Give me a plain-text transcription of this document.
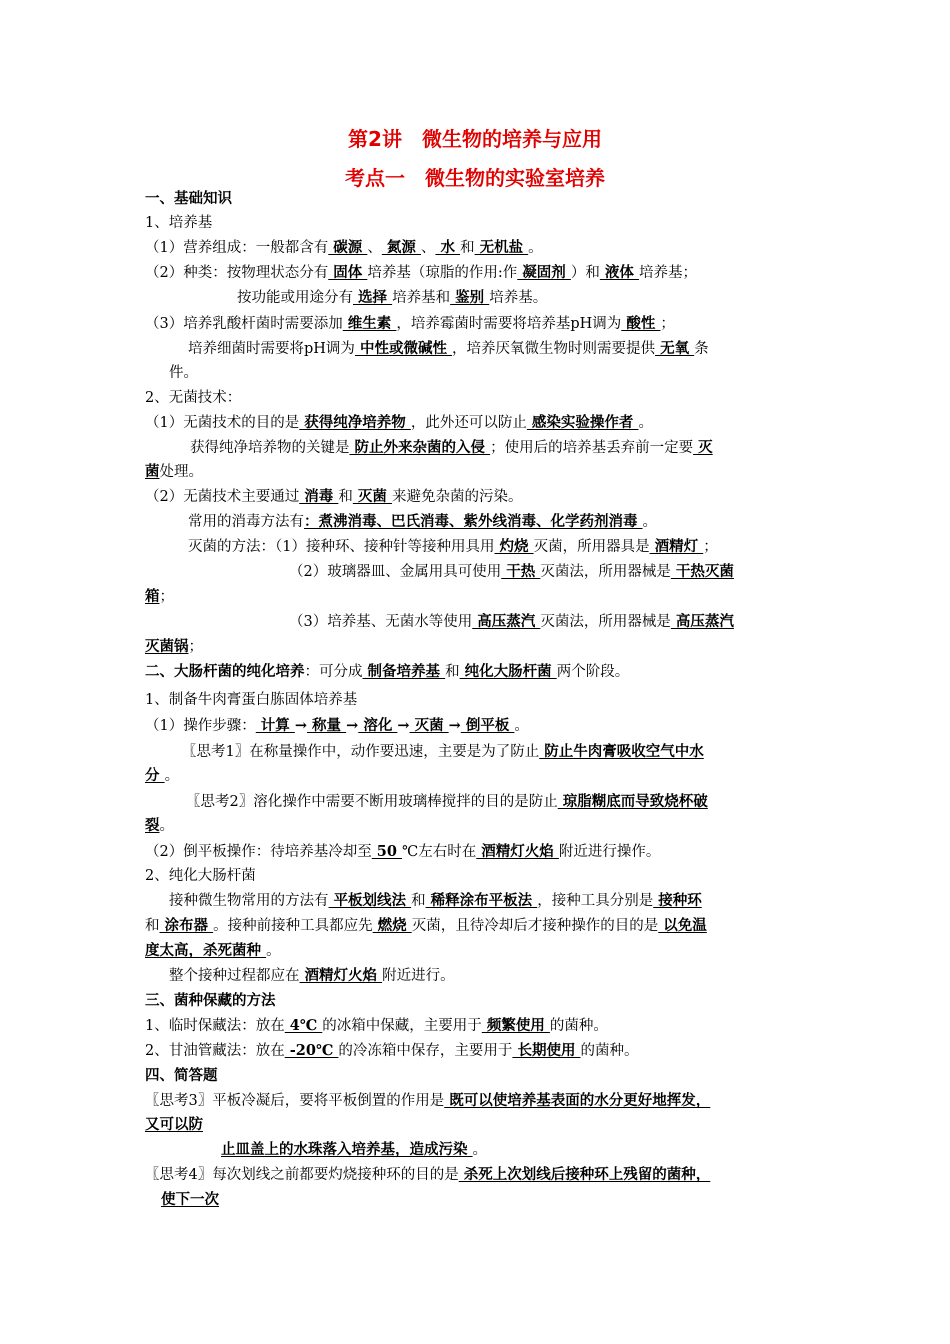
第2讲　微生物的培养与应用
考点一　微生物的实验室培养
一、基础知识
1、培养基
（1）营养组成：一般都含有 碳源 、 氮源 、 水 和 无机盐 。
（2）种类：按物理状态分有 固体 培养基（琼脂的作用:作 凝固剂 ）和 液体 培养基；
按功能或用途分有 选择 培养基和 鉴别 培养基。
（3）培养乳酸杆菌时需要添加 维生素 ，培养霉菌时需要将培养基pH调为 酸性 ；
培养细菌时需要将pH调为 中性或微碱性 ，培养厌氧微生物时则需要提供 无氧 条
件。
2、无菌技术：
（1）无菌技术的目的是 获得纯净培养物 ，此外还可以防止 感染实验操作者 。
获得纯净培养物的关键是 防止外来杂菌的入侵 ；使用后的培养基丢弃前一定要 灭
菌处理。
（2）无菌技术主要通过 消毒 和 灭菌 来避免杂菌的污染。
常用的消毒方法有：煮沸消毒、巴氏消毒、紫外线消毒、化学药剂消毒 。
灭菌的方法：（1）接种环、接种针等接种用具用 灼烧 灭菌，所用器具是 酒精灯 ；
（2）玻璃器皿、金属用具可使用 干热 灭菌法，所用器械是 干热灭菌
箱；
（3）培养基、无菌水等使用 高压蒸汽 灭菌法，所用器械是 高压蒸汽
灭菌锅；
二、大肠杆菌的纯化培养：可分成 制备培养基 和 纯化大肠杆菌 两个阶段。
1、制备牛肉膏蛋白胨固体培养基
（1）操作步骤： 计算 → 称量 → 溶化 → 灭菌 → 倒平板 。
〖思考1〗在称量操作中，动作要迅速，主要是为了防止 防止牛肉膏吸收空气中水
分 。
〖思考2〗溶化操作中需要不断用玻璃棒搅拌的目的是防止 琼脂糊底而导致烧杯破
裂。
（2）倒平板操作：待培养基冷却至 50 ℃左右时在 酒精灯火焰 附近进行操作。
2、纯化大肠杆菌
接种微生物常用的方法有 平板划线法 和 稀释涂布平板法 ，接种工具分别是 接种环
和 涂布器 。接种前接种工具都应先 燃烧 灭菌，且待冷却后才接种操作的目的是 以免温
度太高，杀死菌种 。
整个接种过程都应在 酒精灯火焰 附近进行。
三、菌种保藏的方法
1、临时保藏法：放在 4℃ 的冰箱中保藏，主要用于 频繁使用 的菌种。
2、甘油管藏法：放在 -20℃ 的冷冻箱中保存，主要用于 长期使用 的菌种。
四、简答题
〖思考3〗平板冷凝后，要将平板倒置的作用是 既可以使培养基表面的水分更好地挥发，
又可以防
止皿盖上的水珠落入培养基，造成污染 。
〖思考4〗每次划线之前都要灼烧接种环的目的是 杀死上次划线后接种环上残留的菌种，
使下一次
